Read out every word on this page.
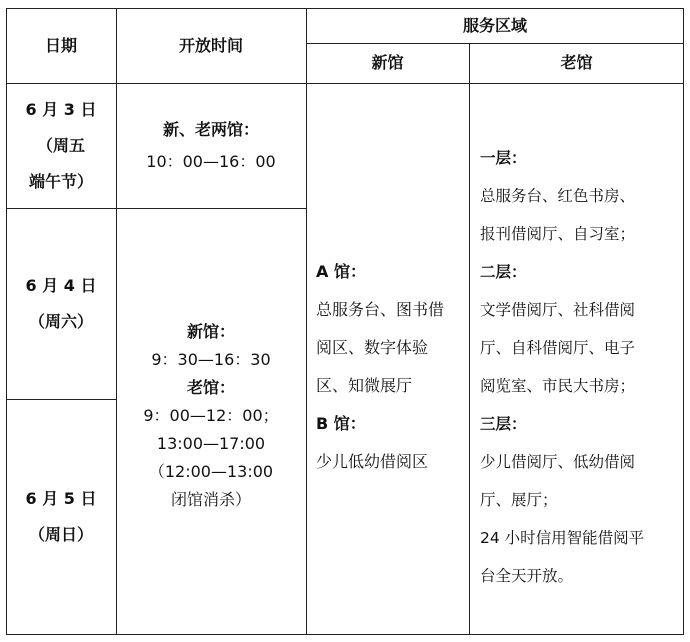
日期	开放时间
服务区域
新馆	老馆
6 月 3 日
（周五
端午节）
新、老两馆：
10：00—16：00
6 月 4 日
（周六）
6 月 5 日
（周日）
新馆：
9：30—16：30
老馆：
9：00—12：00；
13:00—17:00
（12:00—13:00
闭馆消杀）
A 馆：
总服务台、图书借
阅区、数字体验
区、知微展厅
B 馆：
少儿低幼借阅区
一层：
总服务台、红色书房、
报刊借阅厅、自习室；
二层：
文学借阅厅、社科借阅
厅、自科借阅厅、电子
阅览室、市民大书房；
三层：
少儿借阅厅、低幼借阅
厅、展厅；
24 小时信用智能借阅平
台全天开放。
